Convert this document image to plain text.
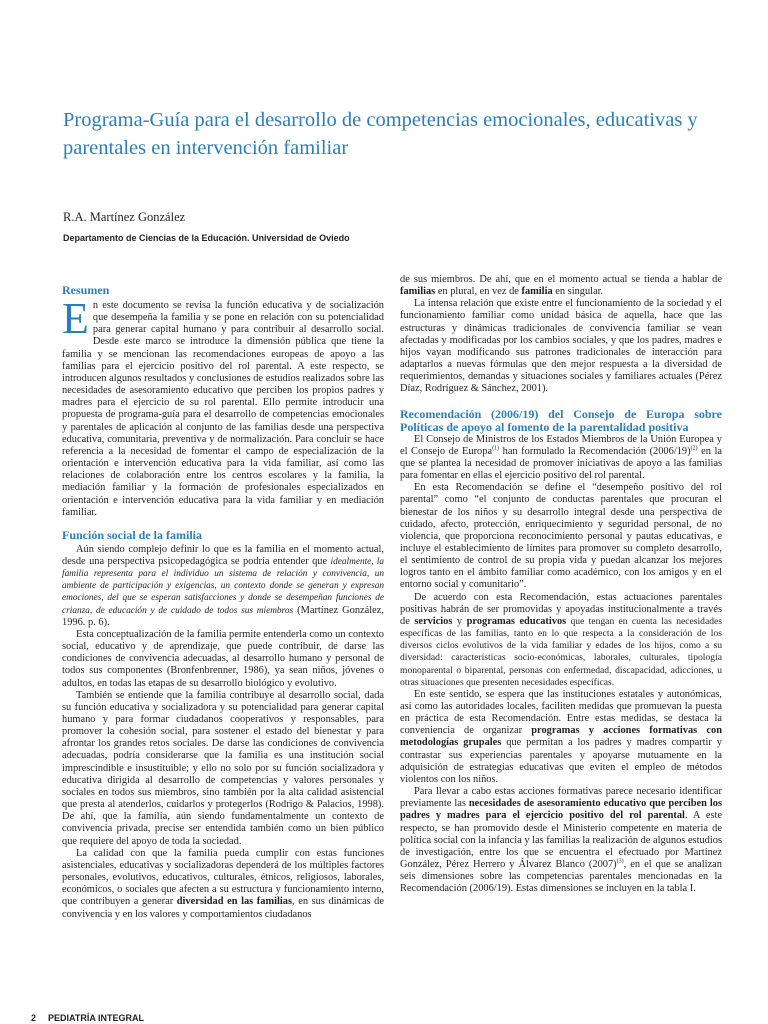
Programa-Guía para el desarrollo de competencias emocionales, educativas y parentales en intervención familiar
R.A. Martínez González
Departamento de Ciencias de la Educación. Universidad de Oviedo
Resumen

En este documento se revisa la función educativa y de socialización que desempeña la familia y se pone en relación con su potencialidad para generar capital humano y para contribuir al desarrollo social. Desde este marco se introduce la dimensión pública que tiene la familia y se mencionan las recomendaciones europeas de apoyo a las familias para el ejercicio positivo del rol parental. A este respecto, se introducen algunos resultados y conclusiones de estudios realizados sobre las necesidades de asesoramiento educativo que perciben los propios padres y madres para el ejercicio de su rol parental. Ello permite introducir una propuesta de programa-guía para el desarrollo de competencias emocionales y parentales de aplicación al conjunto de las familias desde una perspectiva educativa, comunitaria, preventiva y de normalización. Para concluir se hace referencia a la necesidad de fomentar el campo de especialización de la orientación e intervención educativa para la vida familiar, así como las relaciones de colaboración entre los centros escolares y la familia, la mediación familiar y la formación de profesionales especializados en orientación e intervención educativa para la vida familiar y en mediación familiar.

Función social de la familia

Aún siendo complejo definir lo que es la familia en el momento actual, desde una perspectiva psicopedagógica se podría entender que idealmente, la familia representa para el individuo un sistema de relación y convivencia, un ambiente de participación y exigencias, un contexto donde se generan y expresan emociones, del que se esperan satisfacciones y donde se desempeñan funciones de crianza, de educación y de cuidado de todos sus miembros (Martínez González, 1996. p. 6).

Esta conceptualización de la familia permite entenderla como un contexto social, educativo y de aprendizaje, que puede contribuir, de darse las condiciones de convivencia adecuadas, al desarrollo humano y personal de todos sus componentes (Bronfenbrenner, 1986), ya sean niños, jóvenes o adultos, en todas las etapas de su desarrollo biológico y evolutivo.

También se entiende que la familia contribuye al desarrollo social, dada su función educativa y socializadora y su potencialidad para generar capital humano y para formar ciudadanos cooperativos y responsables, para promover la cohesión social, para sostener el estado del bienestar y para afrontar los grandes retos sociales. De darse las condiciones de convivencia adecuadas, podría considerarse que la familia es una institución social imprescindible e insustituible; y ello no solo por su función socializadora y educativa dirigida al desarrollo de competencias y valores personales y sociales en todos sus miembros, sino también por la alta calidad asistencial que presta al atenderlos, cuidarlos y protegerlos (Rodrigo & Palacios, 1998). De ahí, que la familia, aún siendo fundamentalmente un contexto de convivencia privada, precise ser entendida también como un bien público que requiere del apoyo de toda la sociedad.

La calidad con que la familia pueda cumplir con estas funciones asistenciales, educativas y socializadoras dependerá de los múltiples factores personales, evolutivos, educativos, culturales, étnicos, religiosos, laborales, económicos, o sociales que afecten a su estructura y funcionamiento interno, que contribuyen a generar diversidad en las familias, en sus dinámicas de convivencia y en los valores y comportamientos ciudadanos

de sus miembros. De ahí, que en el momento actual se tienda a hablar de familias en plural, en vez de familia en singular.

La intensa relación que existe entre el funcionamiento de la sociedad y el funcionamiento familiar como unidad básica de aquella, hace que las estructuras y dinámicas tradicionales de convivencia familiar se vean afectadas y modificadas por los cambios sociales, y que los padres, madres e hijos vayan modificando sus patrones tradicionales de interacción para adaptarlos a nuevas fórmulas que den mejor respuesta a la diversidad de requerimientos, demandas y situaciones sociales y familiares actuales (Pérez Díaz, Rodríguez & Sánchez, 2001).

Recomendación (2006/19) del Consejo de Europa sobre Políticas de apoyo al fomento de la parentalidad positiva

El Consejo de Ministros de los Estados Miembros de la Unión Europea y el Consejo de Europa$^{(1)}$ han formulado la Recomendación $(2006/19)^{(2)}$ en la que se plantea la necesidad de promover iniciativas de apoyo a las familias para fomentar en ellas el ejercicio positivo del rol parental.

En esta Recomendación se define el “desempeño positivo del rol parental” como “el conjunto de conductas parentales que procuran el bienestar de los niños y su desarrollo integral desde una perspectiva de cuidado, afecto, protección, enriquecimiento y seguridad personal, de no violencia, que proporciona reconocimiento personal y pautas educativas, e incluye el establecimiento de límites para promover su completo desarrollo, el sentimiento de control de su propia vida y puedan alcanzar los mejores logros tanto en el ámbito familiar como académico, con los amigos y en el entorno social y comunitario”.

De acuerdo con esta Recomendación, estas actuaciones parentales positivas habrán de ser promovidas y apoyadas institucionalmente a través de servicios y programas educativos que tengan en cuenta las necesidades específicas de las familias, tanto en lo que respecta a la consideración de los diversos ciclos evolutivos de la vida familiar y edades de los hijos, como a su diversidad: características socio-económicas, laborales, culturales, tipología monoparental o biparental, personas con enfermedad, discapacidad, adicciones, u otras situaciones que presenten necesidades específicas.

En este sentido, se espera que las instituciones estatales y autonómicas, así como las autoridades locales, faciliten medidas que promuevan la puesta en práctica de esta Recomendación. Entre estas medidas, se destaca la conveniencia de organizar programas y acciones formativas con metodologías grupales que permitan a los padres y madres compartir y contrastar sus experiencias parentales y apoyarse mutuamente en la adquisición de estrategias educativas que eviten el empleo de métodos violentos con los niños.

Para llevar a cabo estas acciones formativas parece necesario identificar previamente las necesidades de asesoramiento educativo que perciben los padres y madres para el ejercicio positivo del rol parental. A este respecto, se han promovido desde el Ministerio competente en materia de política social con la infancia y las familias la realización de algunos estudios de investigación, entre los que se encuentra el efectuado por Martínez González, Pérez Herrero y Álvarez Blanco $(2007)^{(3)}$, en el que se analizan seis dimensiones sobre las competencias parentales mencionadas en la Recomendación (2006/19). Estas dimensiones se incluyen en la tabla I.

2 PEDIATRÍA INTEGRAL
